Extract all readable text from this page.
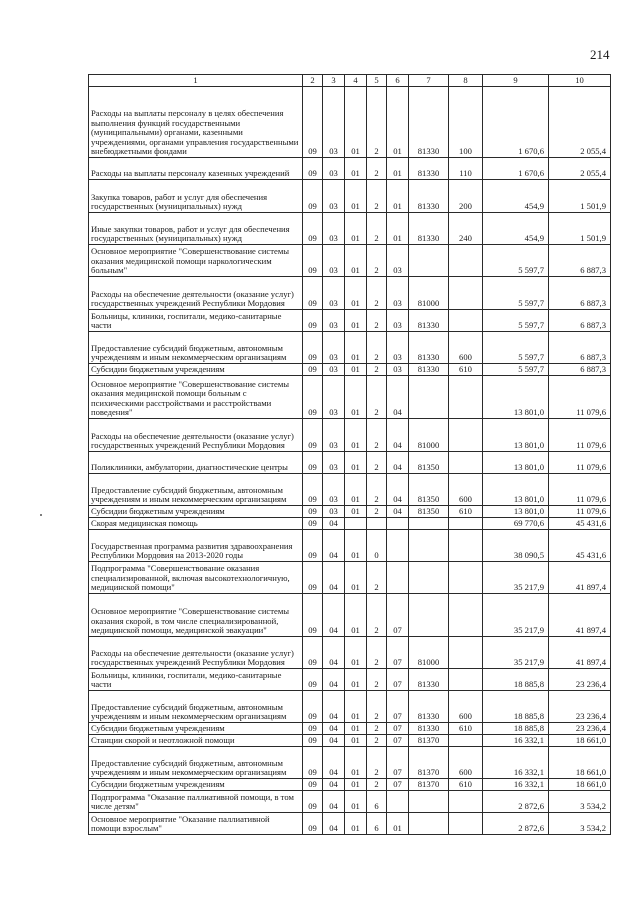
214
1	2	3	4	5	6	7	8	9	10
Расходы на выплаты персоналу в целях обеспечения выполнения функций государственными (муниципальными) органами, казенными учреждениями, органами управления государственными внебюджетными фондами	09	03	01	2	01	81330	100	1 670,6	2 055,4
Расходы на выплаты персоналу казенных учреждений	09	03	01	2	01	81330	110	1 670,6	2 055,4
Закупка товаров, работ и услуг для обеспечения государственных (муниципальных) нужд	09	03	01	2	01	81330	200	454,9	1 501,9
Иные закупки товаров, работ и услуг для обеспечения государственных (муниципальных) нужд	09	03	01	2	01	81330	240	454,9	1 501,9
Основное мероприятие "Совершенствование системы оказания медицинской помощи наркологическим больным"	09	03	01	2	03			5 597,7	6 887,3
Расходы на обеспечение деятельности (оказание услуг) государственных учреждений Республики Мордовия	09	03	01	2	03	81000		5 597,7	6 887,3
Больницы, клиники, госпитали, медико-санитарные части	09	03	01	2	03	81330		5 597,7	6 887,3
Предоставление субсидий бюджетным, автономным учреждениям и иным некоммерческим организациям	09	03	01	2	03	81330	600	5 597,7	6 887,3
Субсидии бюджетным учреждениям	09	03	01	2	03	81330	610	5 597,7	6 887,3
Основное мероприятие "Совершенствование системы оказания медицинской помощи больным с психическими расстройствами и расстройствами поведения"	09	03	01	2	04			13 801,0	11 079,6
Расходы на обеспечение деятельности (оказание услуг) государственных учреждений Республики Мордовия	09	03	01	2	04	81000		13 801,0	11 079,6
Поликлиники, амбулатории, диагностические центры	09	03	01	2	04	81350		13 801,0	11 079,6
Предоставление субсидий бюджетным, автономным учреждениям и иным некоммерческим организациям	09	03	01	2	04	81350	600	13 801,0	11 079,6
Субсидии бюджетным учреждениям	09	03	01	2	04	81350	610	13 801,0	11 079,6
Скорая медицинская помощь	09	04						69 770,6	45 431,6
Государственная программа развития здравоохранения Республики Мордовия на 2013-2020 годы	09	04	01	0				38 090,5	45 431,6
Подпрограмма "Совершенствование оказания специализированной, включая высокотехнологичную, медицинской помощи"	09	04	01	2				35 217,9	41 897,4
Основное мероприятие "Совершенствование системы оказания скорой, в том числе специализированной, медицинской помощи, медицинской эвакуации"	09	04	01	2	07			35 217,9	41 897,4
Расходы на обеспечение деятельности (оказание услуг) государственных учреждений Республики Мордовия	09	04	01	2	07	81000		35 217,9	41 897,4
Больницы, клиники, госпитали, медико-санитарные части	09	04	01	2	07	81330		18 885,8	23 236,4
Предоставление субсидий бюджетным, автономным учреждениям и иным некоммерческим организациям	09	04	01	2	07	81330	600	18 885,8	23 236,4
Субсидии бюджетным учреждениям	09	04	01	2	07	81330	610	18 885,8	23 236,4
Станции скорой и неотложной помощи	09	04	01	2	07	81370		16 332,1	18 661,0
Предоставление субсидий бюджетным, автономным учреждениям и иным некоммерческим организациям	09	04	01	2	07	81370	600	16 332,1	18 661,0
Субсидии бюджетным учреждениям	09	04	01	2	07	81370	610	16 332,1	18 661,0
Подпрограмма "Оказание паллиативной помощи, в том числе детям"	09	04	01	6				2 872,6	3 534,2
Основное мероприятие "Оказание паллиативной помощи взрослым"	09	04	01	6	01			2 872,6	3 534,2
